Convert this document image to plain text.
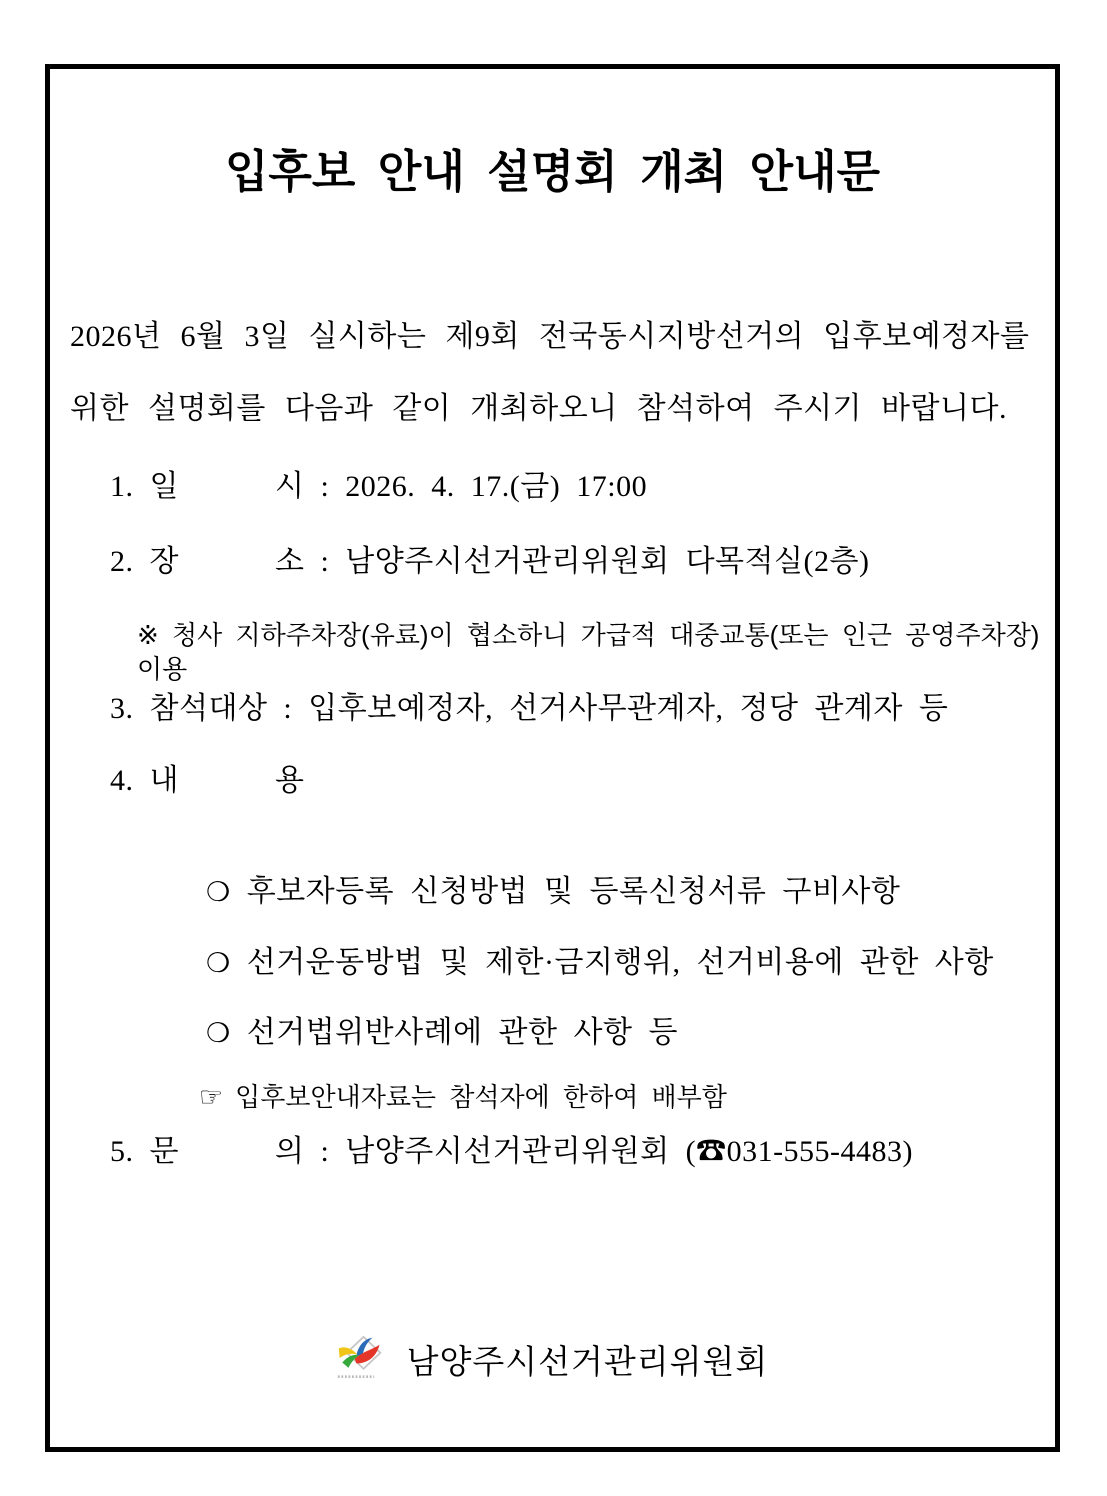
입후보 안내 설명회 개최 안내문
2026년 6월 3일 실시하는 제9회 전국동시지방선거의 입후보예정자를
위한 설명회를 다음과 같이 개최하오니 참석하여 주시기 바랍니다.
1. 일      시 : 2026. 4. 17.(금) 17:00
2. 장      소 : 남양주시선거관리위원회 다목적실(2층)
※ 청사 지하주차장(유료)이 협소하니 가급적 대중교통(또는 인근 공영주차장) 이용
3. 참석대상 : 입후보예정자, 선거사무관계자, 정당 관계자 등
4. 내      용

❍ 후보자등록 신청방법 및 등록신청서류 구비사항

❍ 선거운동방법 및 제한·금지행위, 선거비용에 관한 사항

❍ 선거법위반사례에 관한 사항 등

☞ 입후보안내자료는 참석자에 한하여 배부함

5. 문      의 : 남양주시선거관리위원회 (☎031-555-4483)

남양주시선거관리위원회
